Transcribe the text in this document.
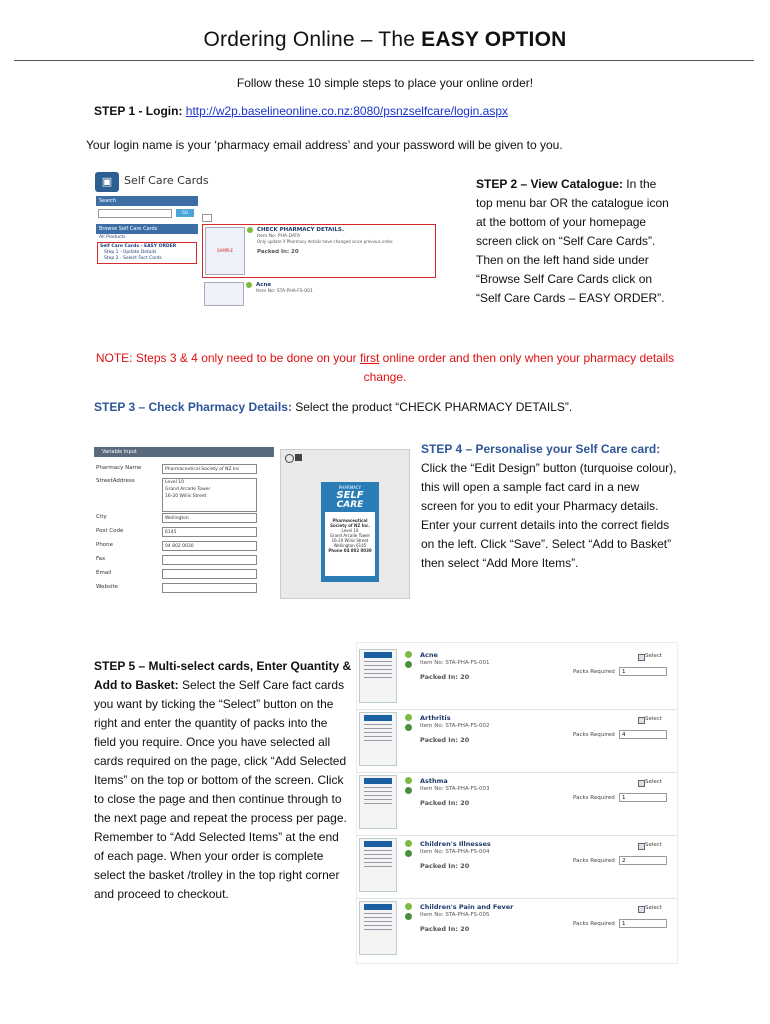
Ordering Online – The EASY OPTION
Follow these 10 simple steps to place your online order!
STEP 1 - Login: http://w2p.baselineonline.co.nz:8080/psnzselfcare/login.aspx
Your login name is your ‘pharmacy email address’ and your password will be given to you.
▣	Self Care Cards
Search
GO
Browse Self Care Cards
All Products
Self Care Cards - EASY ORDER
Step 1 - Update Details
Step 2 - Select Fact Cards
SAMPLE
CHECK PHARMACY DETAILS.
Item No: PHA-DATA
Only update if Pharmacy details have changed since previous order.
Packed In: 20
Acne
Item No: STA-PHA-FS-001
STEP 2 – View Catalogue: In the top menu bar OR the catalogue icon at the bottom of your homepage screen click on “Self Care Cards”. Then on the left hand side under “Browse Self Care Cards click on “Self Care Cards – EASY ORDER”.
NOTE: Steps 3 & 4 only need to be done on your first online order and then only when your pharmacy details change.
STEP 3 – Check Pharmacy Details: Select the product “CHECK PHARMACY DETAILS”.
Variable Input
Pharmacy Name	Pharmaceutical Society of NZ Inc
StreetAddress	Level 10
Grand Arcade Tower
16-20 Willis Street
City	Wellington
Post Code	6145
Phone	04 802 0030
Fax
Email
Website
PHARMACY
SELF
CARE
Pharmaceutical
Society of NZ Inc.
Level 10
Grand Arcade Tower
16-20 Willis Street
Wellington 6145
Phone 04 802 0030
STEP 4 – Personalise your Self Care card:
Click the “Edit Design” button (turquoise colour), this will open a sample fact card in a new screen for you to edit your Pharmacy details. Enter your current details into the correct fields on the left. Click “Save”. Select “Add to Basket” then select “Add More Items”.
STEP 5 – Multi-select cards, Enter Quantity & Add to Basket: Select the Self Care fact cards you want by ticking the “Select” button on the right and enter the quantity of packs into the field you require. Once you have selected all cards required on the page, click “Add Selected Items” on the top or bottom of the screen. Click to close the page and then continue through to the next page and repeat the process per page. Remember to “Add Selected Items” at the end of each page. When your order is complete select the basket /trolley in the top right corner and proceed to checkout.
Acne
Item No: STA-PHA-FS-001
Packed In: 20
Select
Packs Required	1
Arthritis
Item No: STA-PHA-FS-002
Packed In: 20
Select
Packs Required	4
Asthma
Item No: STA-PHA-FS-003
Packed In: 20
Select
Packs Required	1
Children's Illnesses
Item No: STA-PHA-FS-004
Packed In: 20
Select
Packs Required	2
Children's Pain and Fever
Item No: STA-PHA-FS-005
Packed In: 20
Select
Packs Required	1
